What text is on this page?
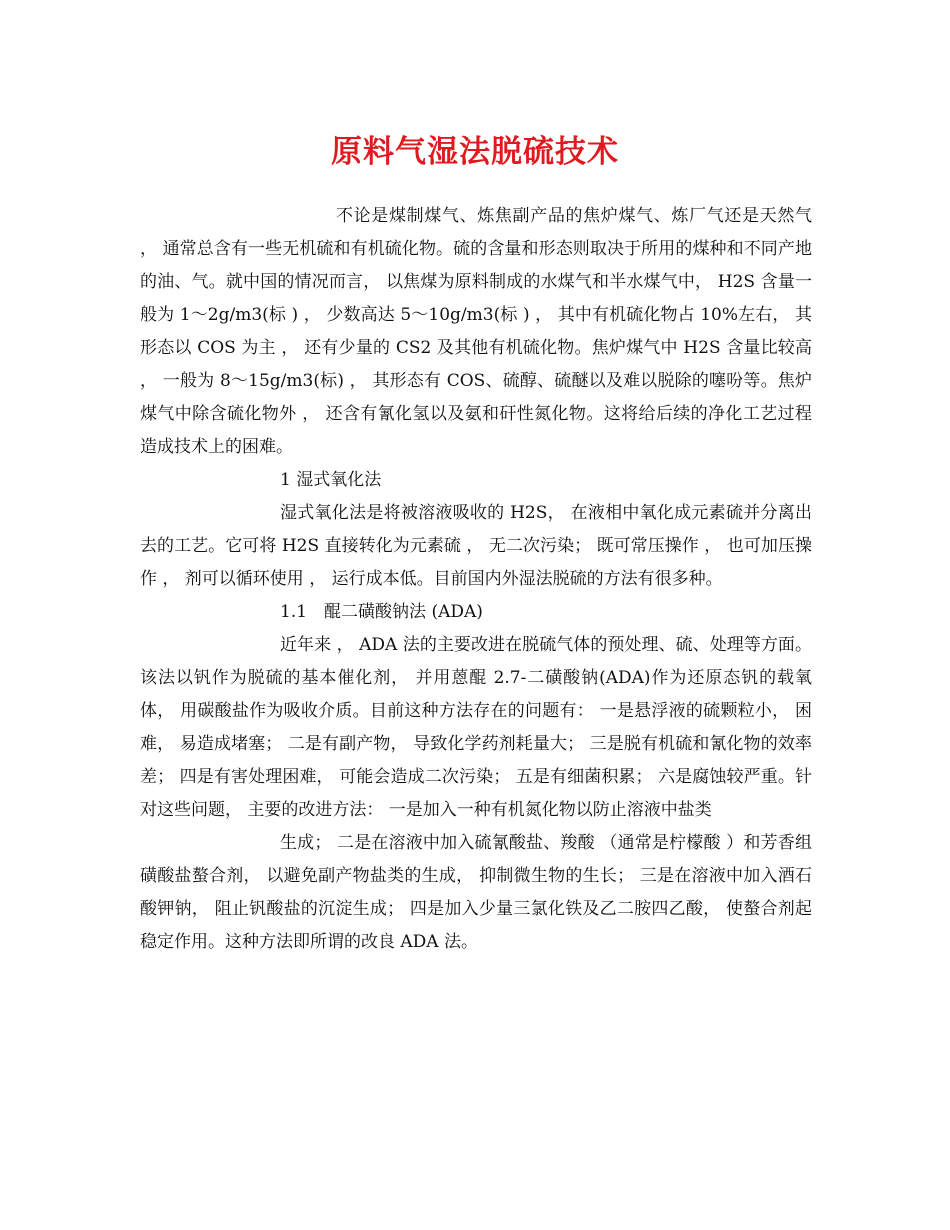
原料气湿法脱硫技术

不论是煤制煤气、炼焦副产品的焦炉煤气、炼厂气还是天然气 ， 通常总含有一些无机硫和有机硫化物。硫的含量和形态则取决于所用的煤种和不同产地的油、气。就中国的情况而言， 以焦煤为原料制成的水煤气和半水煤气中， H2S 含量一般为 1～2g/m3(标 ) ， 少数高达 5～10g/m3(标 ) ， 其中有机硫化物占 10%左右， 其形态以 COS 为主 ， 还有少量的 CS2 及其他有机硫化物。焦炉煤气中 H2S 含量比较高 ， 一般为 8～15g/m3(标) ， 其形态有 COS、硫醇、硫醚以及难以脱除的噻吩等。焦炉煤气中除含硫化物外 ， 还含有氰化氢以及氨和矸性氮化物。这将给后续的净化工艺过程造成技术上的困难。

1 湿式氧化法

湿式氧化法是将被溶液吸收的 H2S， 在液相中氧化成元素硫并分离出去的工艺。它可将 H2S 直接转化为元素硫 ， 无二次污染； 既可常压操作 ， 也可加压操作 ， 剂可以循环使用 ， 运行成本低。目前国内外湿法脱硫的方法有很多种。

1.1　醌二磺酸钠法 (ADA)

近年来 ， ADA 法的主要改进在脱硫气体的预处理、硫、处理等方面。该法以钒作为脱硫的基本催化剂， 并用蒽醌 2.7-二磺酸钠(ADA)作为还原态钒的载氧体， 用碳酸盐作为吸收介质。目前这种方法存在的问题有： 一是悬浮液的硫颗粒小， 困难， 易造成堵塞； 二是有副产物， 导致化学药剂耗量大； 三是脱有机硫和氰化物的效率差； 四是有害处理困难， 可能会造成二次污染； 五是有细菌积累； 六是腐蚀较严重。针对这些问题， 主要的改进方法： 一是加入一种有机氮化物以防止溶液中盐类

生成； 二是在溶液中加入硫氰酸盐、羧酸 （通常是柠檬酸 ）和芳香组磺酸盐螯合剂， 以避免副产物盐类的生成， 抑制微生物的生长； 三是在溶液中加入酒石酸钾钠， 阻止钒酸盐的沉淀生成； 四是加入少量三氯化铁及乙二胺四乙酸， 使螯合剂起稳定作用。这种方法即所谓的改良 ADA 法。
